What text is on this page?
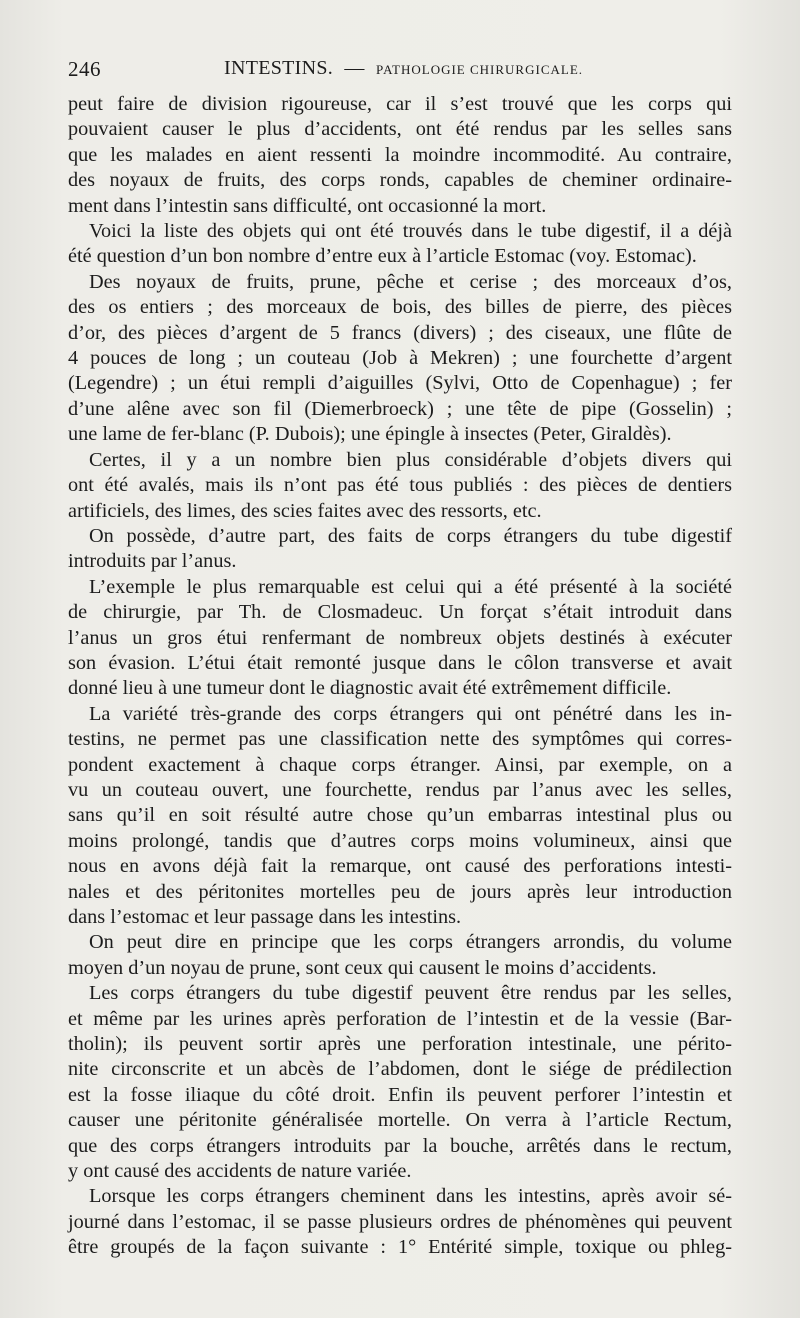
246	INTESTINS. — PATHOLOGIE CHIRURGICALE.

peut faire de division rigoureuse, car il s’est trouvé que les corps qui
pouvaient causer le plus d’accidents, ont été rendus par les selles sans
que les malades en aient ressenti la moindre incommodité. Au contraire,
des noyaux de fruits, des corps ronds, capables de cheminer ordinaire-
ment dans l’intestin sans difficulté, ont occasionné la mort.

Voici la liste des objets qui ont été trouvés dans le tube digestif, il a déjà
été question d’un bon nombre d’entre eux à l’article Estomac (voy. Estomac).

Des noyaux de fruits, prune, pêche et cerise ; des morceaux d’os,
des os entiers ; des morceaux de bois, des billes de pierre, des pièces
d’or, des pièces d’argent de 5 francs (divers) ; des ciseaux, une flûte de
4 pouces de long ; un couteau (Job à Mekren) ; une fourchette d’argent
(Legendre) ; un étui rempli d’aiguilles (Sylvi, Otto de Copenhague) ; fer
d’une alêne avec son fil (Diemerbroeck) ; une tête de pipe (Gosselin) ;
une lame de fer-blanc (P. Dubois); une épingle à insectes (Peter, Giraldès).

Certes, il y a un nombre bien plus considérable d’objets divers qui
ont été avalés, mais ils n’ont pas été tous publiés : des pièces de dentiers
artificiels, des limes, des scies faites avec des ressorts, etc.

On possède, d’autre part, des faits de corps étrangers du tube digestif
introduits par l’anus.

L’exemple le plus remarquable est celui qui a été présenté à la société
de chirurgie, par Th. de Closmadeuc. Un forçat s’était introduit dans
l’anus un gros étui renfermant de nombreux objets destinés à exécuter
son évasion. L’étui était remonté jusque dans le côlon transverse et avait
donné lieu à une tumeur dont le diagnostic avait été extrêmement difficile.

La variété très-grande des corps étrangers qui ont pénétré dans les in-
testins, ne permet pas une classification nette des symptômes qui corres-
pondent exactement à chaque corps étranger. Ainsi, par exemple, on a
vu un couteau ouvert, une fourchette, rendus par l’anus avec les selles,
sans qu’il en soit résulté autre chose qu’un embarras intestinal plus ou
moins prolongé, tandis que d’autres corps moins volumineux, ainsi que
nous en avons déjà fait la remarque, ont causé des perforations intesti-
nales et des péritonites mortelles peu de jours après leur introduction
dans l’estomac et leur passage dans les intestins.

On peut dire en principe que les corps étrangers arrondis, du volume
moyen d’un noyau de prune, sont ceux qui causent le moins d’accidents.

Les corps étrangers du tube digestif peuvent être rendus par les selles,
et même par les urines après perforation de l’intestin et de la vessie (Bar-
tholin); ils peuvent sortir après une perforation intestinale, une périto-
nite circonscrite et un abcès de l’abdomen, dont le siége de prédilection
est la fosse iliaque du côté droit. Enfin ils peuvent perforer l’intestin et
causer une péritonite généralisée mortelle. On verra à l’article Rectum,
que des corps étrangers introduits par la bouche, arrêtés dans le rectum,
y ont causé des accidents de nature variée.

Lorsque les corps étrangers cheminent dans les intestins, après avoir sé-
journé dans l’estomac, il se passe plusieurs ordres de phénomènes qui peuvent
être groupés de la façon suivante : 1° Entérité simple, toxique ou phleg-
